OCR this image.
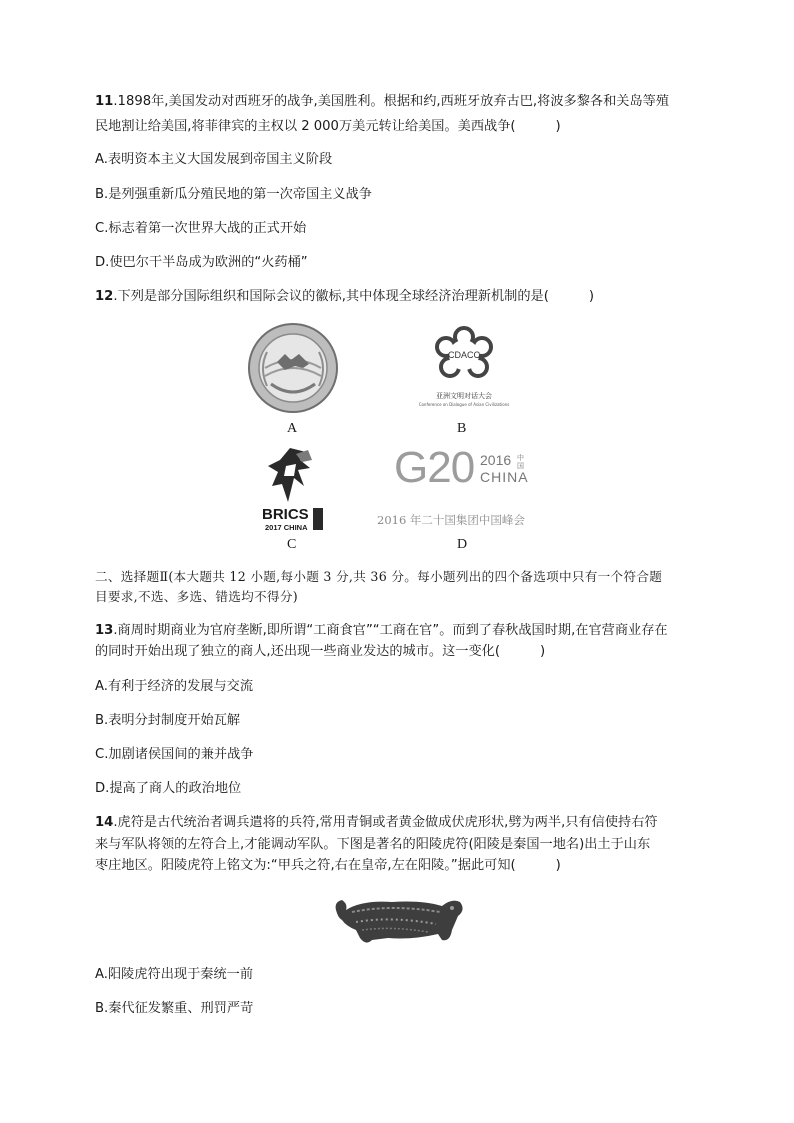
11.1898年,美国发动对西班牙的战争,美国胜利。根据和约,西班牙放弃古巴,将波多黎各和关岛等殖
民地割让给美国,将菲律宾的主权以 2 000万美元转让给美国。美西战争(	)
A.表明资本主义大国发展到帝国主义阶段
B.是列强重新瓜分殖民地的第一次帝国主义战争
C.标志着第一次世界大战的正式开始
D.使巴尔干半岛成为欧洲的“火药桶”
12.下列是部分国际组织和国际会议的徽标,其中体现全球经济治理新机制的是(	)
CDACC
亚洲文明对话大会
Conference on Dialogue of Asian Civilizations
A	B
BRICS
2017 CHINA
G20 2016 中国
CHINA
2016 年二十国集团中国峰会
C	D
二、选择题Ⅱ(本大题共 12 小题,每小题 3 分,共 36 分。每小题列出的四个备选项中只有一个符合题
目要求,不选、多选、错选均不得分)
13.商周时期商业为官府垄断,即所谓“工商食官”“工商在官”。而到了春秋战国时期,在官营商业存在
的同时开始出现了独立的商人,还出现一些商业发达的城市。这一变化(	)
A.有利于经济的发展与交流
B.表明分封制度开始瓦解
C.加剧诸侯国间的兼并战争
D.提高了商人的政治地位
14.虎符是古代统治者调兵遣将的兵符,常用青铜或者黄金做成伏虎形状,劈为两半,只有信使持右符
来与军队将领的左符合上,才能调动军队。下图是著名的阳陵虎符(阳陵是秦国一地名)出土于山东
枣庄地区。阳陵虎符上铭文为:“甲兵之符,右在皇帝,左在阳陵。”据此可知(	)
A.阳陵虎符出现于秦统一前
B.秦代征发繁重、刑罚严苛
